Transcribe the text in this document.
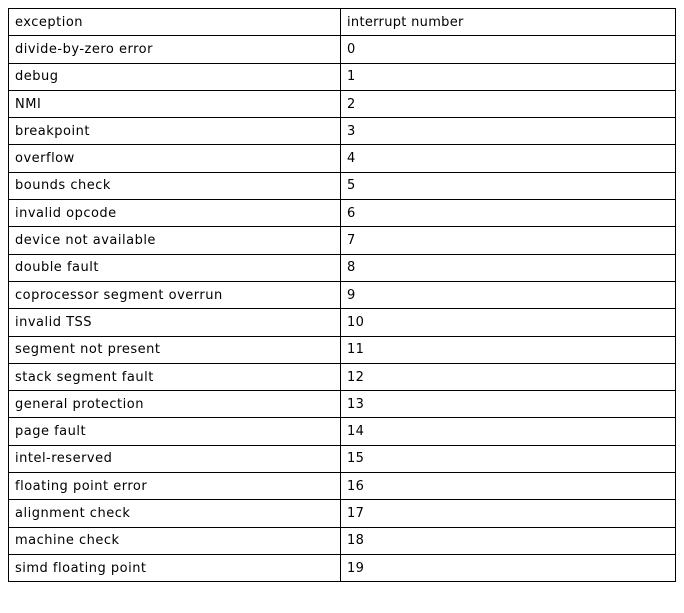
exception	interrupt number
divide-by-zero error	0
debug	1
NMI	2
breakpoint	3
overflow	4
bounds check	5
invalid opcode	6
device not available	7
double fault	8
coprocessor segment overrun	9
invalid TSS	10
segment not present	11
stack segment fault	12
general protection	13
page fault	14
intel-reserved	15
floating point error	16
alignment check	17
machine check	18
simd floating point	19
